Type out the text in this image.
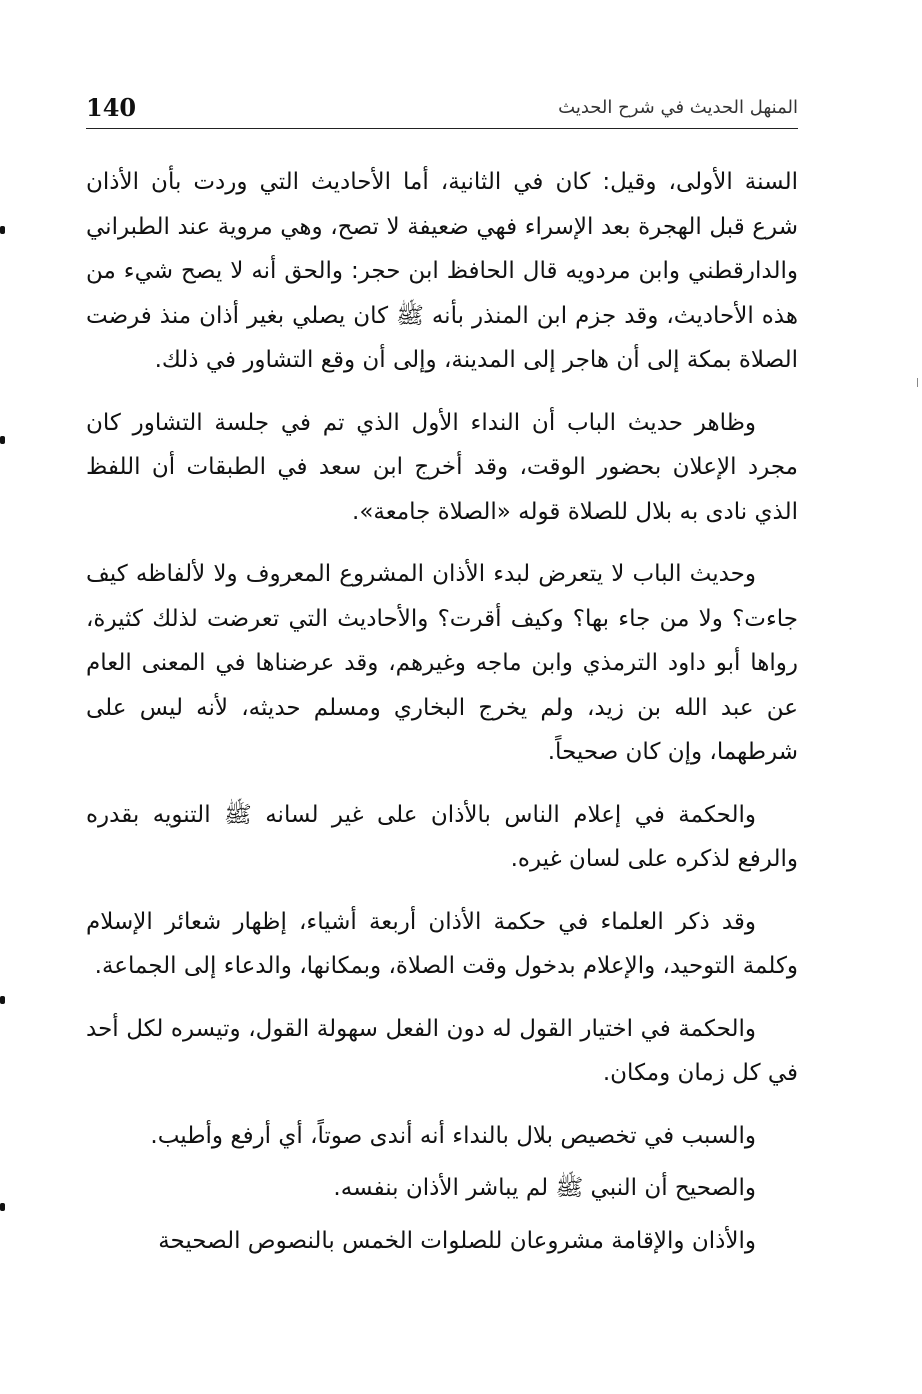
140	المنهل الحديث في شرح الحديث

السنة الأولى، وقيل: كان في الثانية، أما الأحاديث التي وردت بأن الأذان شرع قبل الهجرة بعد الإسراء فهي ضعيفة لا تصح، وهي مروية عند الطبراني والدارقطني وابن مردويه قال الحافظ ابن حجر: والحق أنه لا يصح شيء من هذه الأحاديث، وقد جزم ابن المنذر بأنه ﷺ كان يصلي بغير أذان منذ فرضت الصلاة بمكة إلى أن هاجر إلى المدينة، وإلى أن وقع التشاور في ذلك.

وظاهر حديث الباب أن النداء الأول الذي تم في جلسة التشاور كان مجرد الإعلان بحضور الوقت، وقد أخرج ابن سعد في الطبقات أن اللفظ الذي نادى به بلال للصلاة قوله «الصلاة جامعة».

وحديث الباب لا يتعرض لبدء الأذان المشروع المعروف ولا لألفاظه كيف جاءت؟ ولا من جاء بها؟ وكيف أقرت؟ والأحاديث التي تعرضت لذلك كثيرة، رواها أبو داود الترمذي وابن ماجه وغيرهم، وقد عرضناها في المعنى العام عن عبد الله بن زيد، ولم يخرج البخاري ومسلم حديثه، لأنه ليس على شرطهما، وإن كان صحيحاً.

والحكمة في إعلام الناس بالأذان على غير لسانه ﷺ التنويه بقدره والرفع لذكره على لسان غيره.

وقد ذكر العلماء في حكمة الأذان أربعة أشياء، إظهار شعائر الإسلام وكلمة التوحيد، والإعلام بدخول وقت الصلاة، وبمكانها، والدعاء إلى الجماعة.

والحكمة في اختيار القول له دون الفعل سهولة القول، وتيسره لكل أحد في كل زمان ومكان.

والسبب في تخصيص بلال بالنداء أنه أندى صوتاً، أي أرفع وأطيب.

والصحيح أن النبي ﷺ لم يباشر الأذان بنفسه.

والأذان والإقامة مشروعان للصلوات الخمس بالنصوص الصحيحة
